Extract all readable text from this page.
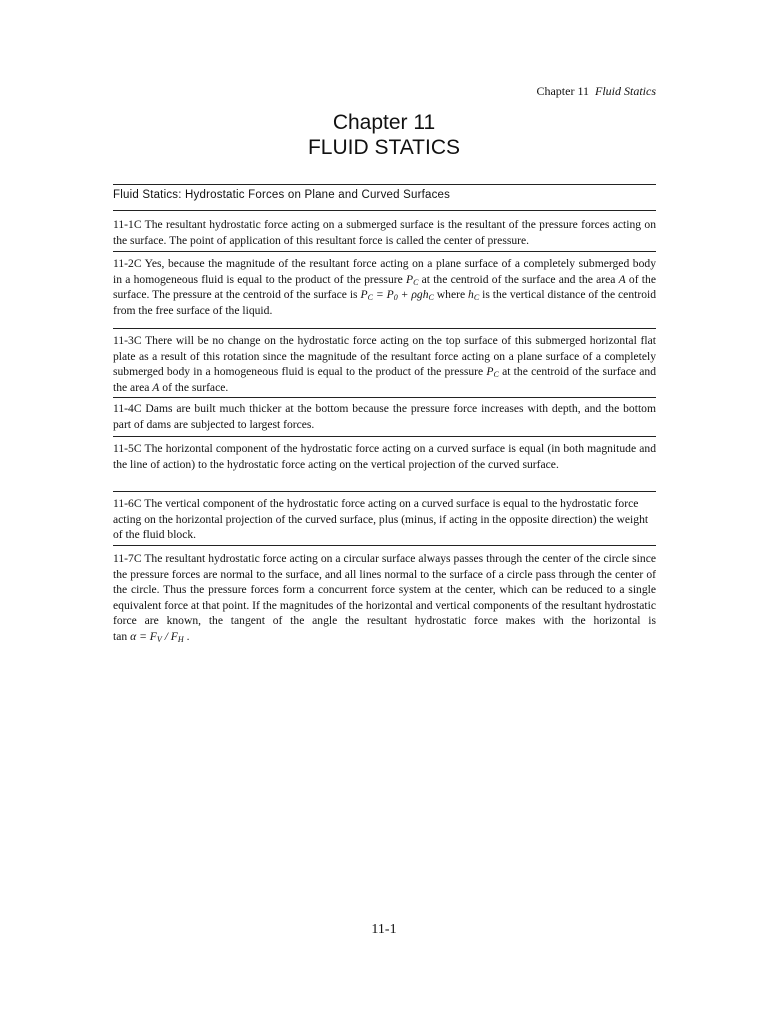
Chapter 11 Fluid Statics
Chapter 11
FLUID STATICS
Fluid Statics: Hydrostatic Forces on Plane and Curved Surfaces
11-1C The resultant hydrostatic force acting on a submerged surface is the resultant of the pressure forces acting on the surface. The point of application of this resultant force is called the center of pressure.
11-2C Yes, because the magnitude of the resultant force acting on a plane surface of a completely submerged body in a homogeneous fluid is equal to the product of the pressure $P_C$ at the centroid of the surface and the area A of the surface. The pressure at the centroid of the surface is $P_C = P_0 + \rho gh_C$ where $h_C$ is the vertical distance of the centroid from the free surface of the liquid.
11-3C There will be no change on the hydrostatic force acting on the top surface of this submerged horizontal flat plate as a result of this rotation since the magnitude of the resultant force acting on a plane surface of a completely submerged body in a homogeneous fluid is equal to the product of the pressure $P_C$ at the centroid of the surface and the area A of the surface.
11-4C Dams are built much thicker at the bottom because the pressure force increases with depth, and the bottom part of dams are subjected to largest forces.
11-5C The horizontal component of the hydrostatic force acting on a curved surface is equal (in both magnitude and the line of action) to the hydrostatic force acting on the vertical projection of the curved surface.
11-6C The vertical component of the hydrostatic force acting on a curved surface is equal to the hydrostatic force acting on the horizontal projection of the curved surface, plus (minus, if acting in the opposite direction) the weight of the fluid block.
11-7C The resultant hydrostatic force acting on a circular surface always passes through the center of the circle since the pressure forces are normal to the surface, and all lines normal to the surface of a circle pass through the center of the circle. Thus the pressure forces form a concurrent force system at the center, which can be reduced to a single equivalent force at that point. If the magnitudes of the horizontal and vertical components of the resultant hydrostatic force are known, the tangent of the angle the resultant hydrostatic force makes with the horizontal is $\tan \alpha = F_V / F_H$ .
11-1
